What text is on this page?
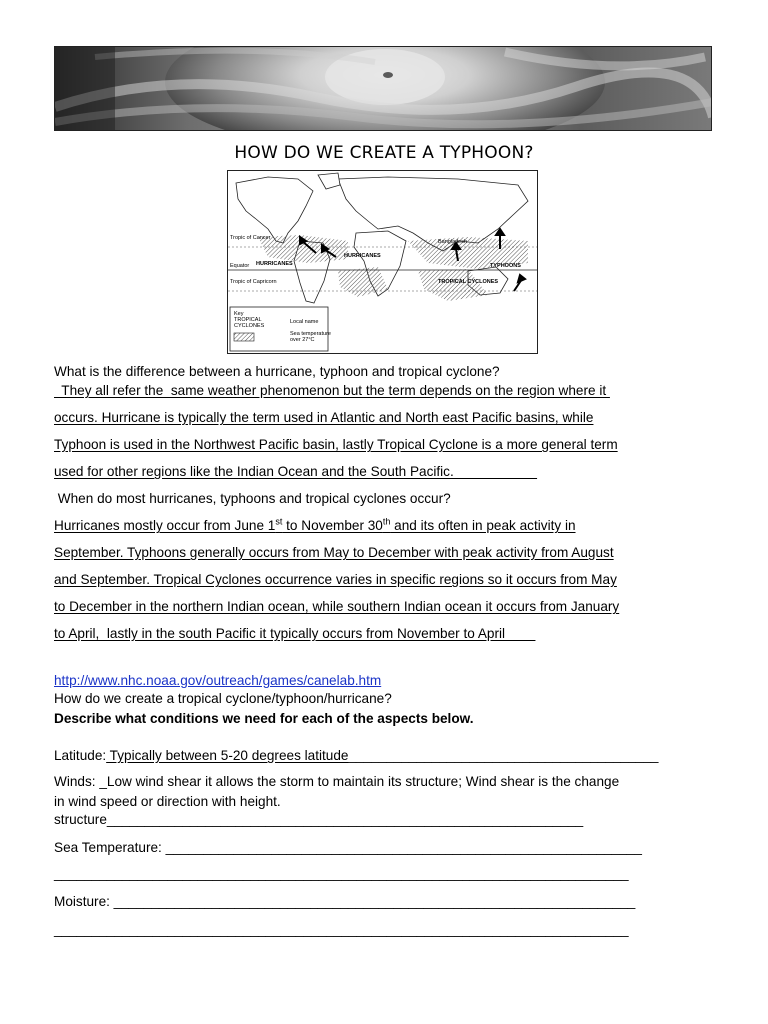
HOW DO WE CREATE A TYPHOON?
Tropic of Cancer
Equator
Tropic of Capricorn
HURRICANES
HURRICANES
TYPHOONS
TROPICAL CYCLONES
Bangladesh
Key
TROPICAL
CYCLONES
Local name
Sea temperature
over 27°C
What is the difference between a hurricane, typhoon and tropical cyclone?
They all refer the  same weather phenomenon but the term depends on the region where it
occurs. Hurricane is typically the term used in Atlantic and North east Pacific basins, while
Typhoon is used in the Northwest Pacific basin, lastly Tropical Cyclone is a more general term
used for other regions like the Indian Ocean and the South Pacific.___________
When do most hurricanes, typhoons and tropical cyclones occur?
Hurricanes mostly occur from June 1st to November 30th and its often in peak activity in
September. Typhoons generally occurs from May to December with peak activity from August
and September. Tropical Cyclones occurrence varies in specific regions so it occurs from May
to December in the northern Indian ocean, while southern Indian ocean it occurs from January
to April,  lastly in the south Pacific it typically occurs from November to April____
http://www.nhc.noaa.gov/outreach/games/canelab.htm
How do we create a tropical cyclone/typhoon/hurricane?
Describe what conditions we need for each of the aspects below.
Latitude: Typically between 5-20 degrees latitude_________________________________________
Winds: _Low wind shear it allows the storm to maintain its structure; Wind shear is the change
in wind speed or direction with height.
structure_______________________________________________________________
Sea Temperature: _______________________________________________________________
____________________________________________________________________________
Moisture: _____________________________________________________________________
____________________________________________________________________________
